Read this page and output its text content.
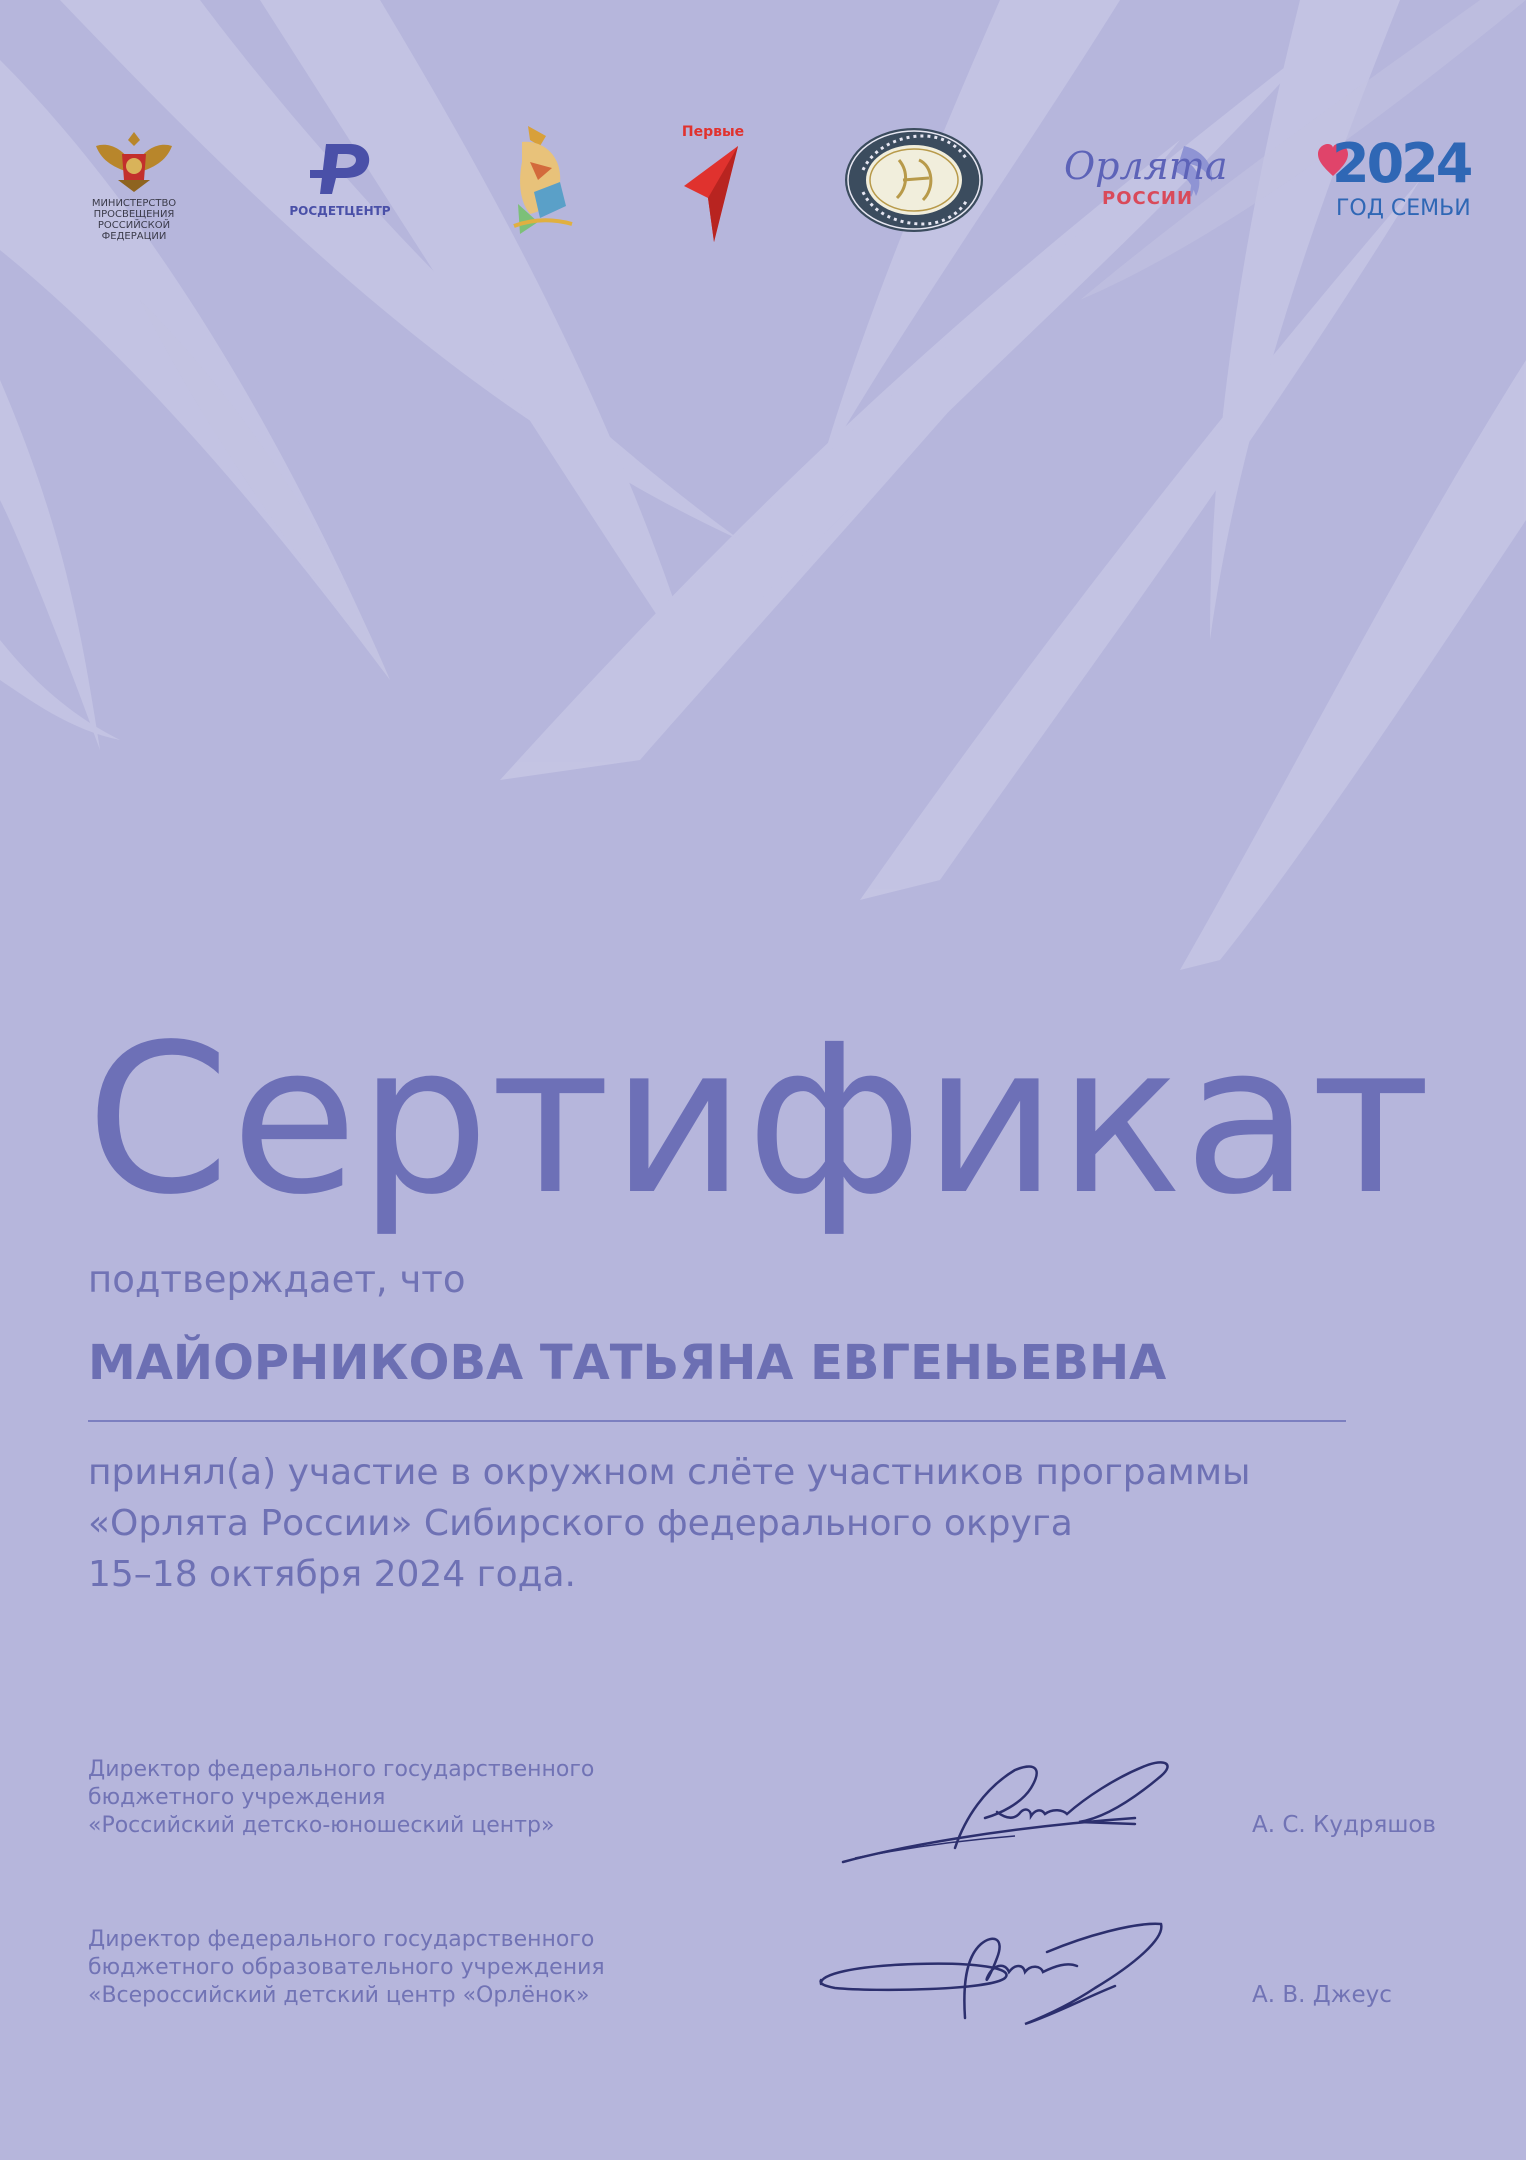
МИНИСТЕРСТВО
ПРОСВЕЩЕНИЯ
РОССИЙСКОЙ
ФЕДЕРАЦИИ
РОСДЕТЦЕНТР
Первые
Орлята
РОССИИ
2024
ГОД СЕМЬИ
Сертификат
подтверждает, что
МАЙОРНИКОВА ТАТЬЯНА ЕВГЕНЬЕВНА
принял(а) участие в окружном слёте участников программы
«Орлята России» Сибирского федерального округа
15–18 октября 2024 года.
Директор федерального государственного
бюджетного учреждения
«Российский детско-юношеский центр»	А. С. Кудряшов
Директор федерального государственного
бюджетного образовательного учреждения
«Всероссийский детский центр «Орлёнок»	А. В. Джеус
